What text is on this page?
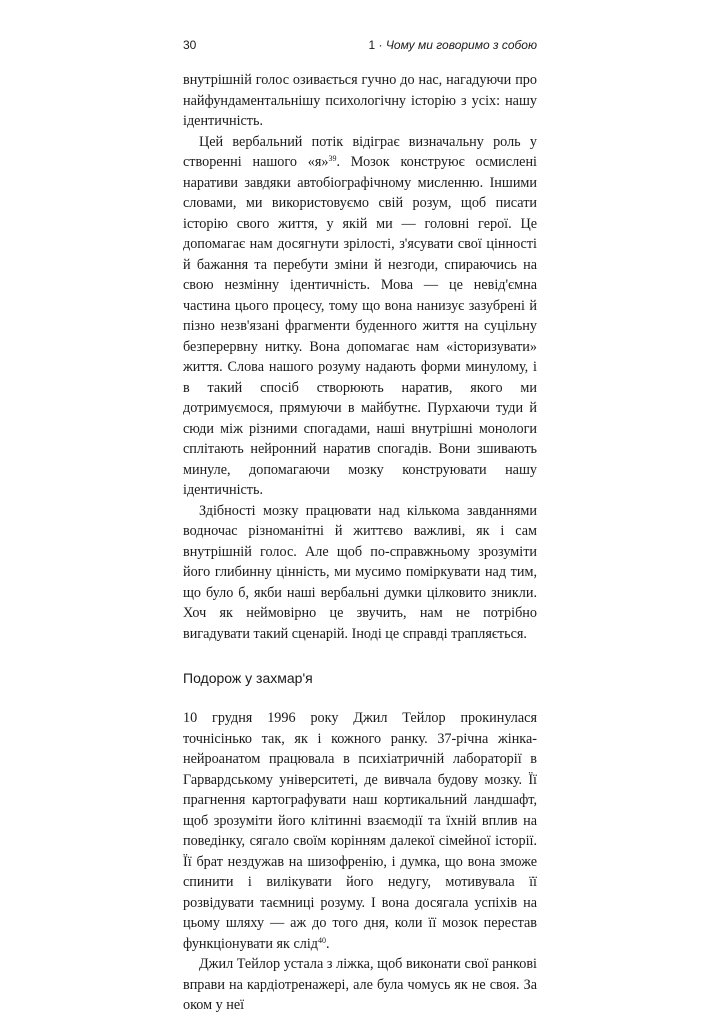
30	1 · Чому ми говоримо з собою

внутрішній голос озивається гучно до нас, нагадуючи про найфундаментальнішу психологічну історію з усіх: нашу ідентичність.

Цей вербальний потік відіграє визначальну роль у створенні нашого «я»$^{39}$. Мозок конструює осмислені наративи завдяки автобіографічному мисленню. Іншими словами, ми використовуємо свій розум, щоб писати історію свого життя, у якій ми — головні герої. Це допомагає нам досягнути зрілості, з'ясувати свої цінності й бажання та перебути зміни й незгоди, спираючись на свою незмінну ідентичність. Мова — це невід'ємна частина цього процесу, тому що вона нанизує зазубрені й пізно незв'язані фрагменти буденного життя на суцільну безперервну нитку. Вона допомагає нам «історизувати» життя. Слова нашого розуму надають форми минулому, і в такий спосіб створюють наратив, якого ми дотримуємося, прямуючи в майбутнє. Пурхаючи туди й сюди між різними спогадами, наші внутрішні монологи сплітають нейронний наратив спогадів. Вони зшивають минуле, допомагаючи мозку конструювати нашу ідентичність.

Здібності мозку працювати над кількома завданнями водночас різноманітні й життєво важливі, як і сам внутрішній голос. Але щоб по-справжньому зрозуміти його глибинну цінність, ми мусимо поміркувати над тим, що було б, якби наші вербальні думки цілковито зникли. Хоч як неймовірно це звучить, нам не потрібно вигадувати такий сценарій. Іноді це справді трапляється.

Подорож у захмар'я

10 грудня 1996 року Джил Тейлор прокинулася точнісінько так, як і кожного ранку. 37-річна жінка-нейроанатом працювала в психіатричній лабораторії в Гарвардському університеті, де вивчала будову мозку. Її прагнення картографувати наш кортикальний ландшафт, щоб зрозуміти його клітинні взаємодії та їхній вплив на поведінку, сягало своїм корінням далекої сімейної історії. Її брат нездужав на шизофренію, і думка, що вона зможе спинити і вилікувати його недугу, мотивувала її розвідувати таємниці розуму. І вона досягала успіхів на цьому шляху — аж до того дня, коли її мозок перестав функціонувати як слід$^{40}$.

Джил Тейлор устала з ліжка, щоб виконати свої ранкові вправи на кардіотренажері, але була чомусь як не своя. За оком у неї
